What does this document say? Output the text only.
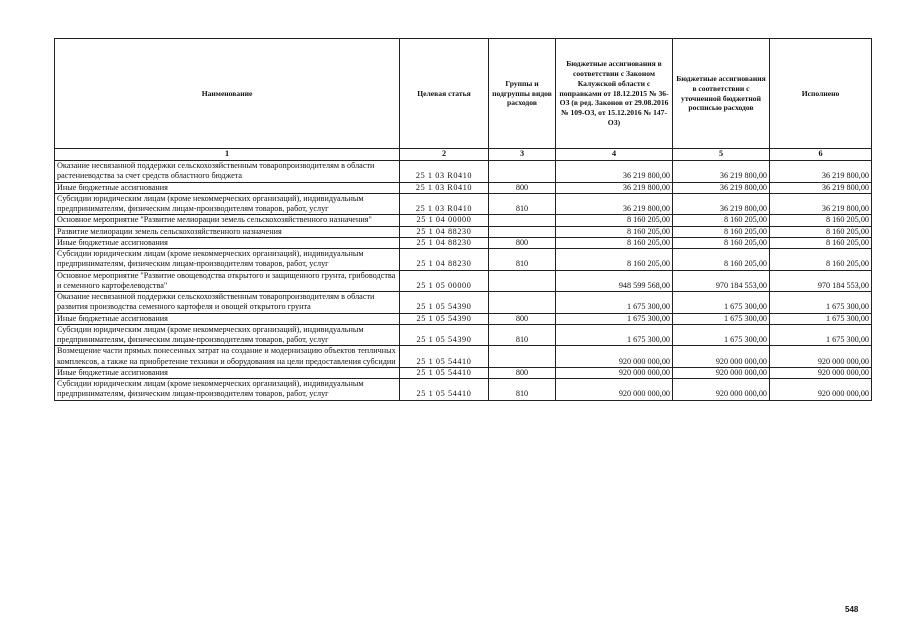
Наименование	Целевая статья	Группы и подгруппы видов расходов	Бюджетные ассигнования в соответствии с Законом Калужской области с поправками от 18.12.2015 № 36-ОЗ (в ред. Законов от 29.08.2016 № 109-ОЗ, от 15.12.2016 № 147-ОЗ)	Бюджетные ассигнования в соответствии с уточненной бюджетной росписью расходов	Исполнено
1	2	3	4	5	6
Оказание несвязанной поддержки сельскохозяйственным товаропроизводителям в области растениеводства за счет средств областного бюджета	25 1 03 R0410		36 219 800,00	36 219 800,00	36 219 800,00
Иные бюджетные ассигнования	25 1 03 R0410	800	36 219 800,00	36 219 800,00	36 219 800,00
Субсидии юридическим лицам (кроме некоммерческих организаций), индивидуальным предпринимателям, физическим лицам-производителям товаров, работ, услуг	25 1 03 R0410	810	36 219 800,00	36 219 800,00	36 219 800,00
Основное мероприятие "Развитие мелиорации земель сельскохозяйственного назначения"	25 1 04 00000		8 160 205,00	8 160 205,00	8 160 205,00
Развитие мелиорации земель сельскохозяйственного назначения	25 1 04 88230		8 160 205,00	8 160 205,00	8 160 205,00
Иные бюджетные ассигнования	25 1 04 88230	800	8 160 205,00	8 160 205,00	8 160 205,00
Субсидии юридическим лицам (кроме некоммерческих организаций), индивидуальным предпринимателям, физическим лицам-производителям товаров, работ, услуг	25 1 04 88230	810	8 160 205,00	8 160 205,00	8 160 205,00
Основное мероприятие "Развитие овощеводства открытого и защищенного грунта, грибоводства и семенного картофелеводства"	25 1 05 00000		948 599 568,00	970 184 553,00	970 184 553,00
Оказание несвязанной поддержки сельскохозяйственным товаропроизводителям в области развития производства семенного картофеля и овощей открытого грунта	25 1 05 54390		1 675 300,00	1 675 300,00	1 675 300,00
Иные бюджетные ассигнования	25 1 05 54390	800	1 675 300,00	1 675 300,00	1 675 300,00
Субсидии юридическим лицам (кроме некоммерческих организаций), индивидуальным предпринимателям, физическим лицам-производителям товаров, работ, услуг	25 1 05 54390	810	1 675 300,00	1 675 300,00	1 675 300,00
Возмещение части прямых понесенных затрат на создание и модернизацию объектов тепличных комплексов, а также на приобретение техники и оборудования на цели предоставления субсидии	25 1 05 54410		920 000 000,00	920 000 000,00	920 000 000,00
Иные бюджетные ассигнования	25 1 05 54410	800	920 000 000,00	920 000 000,00	920 000 000,00
Субсидии юридическим лицам (кроме некоммерческих организаций), индивидуальным предпринимателям, физическим лицам-производителям товаров, работ, услуг	25 1 05 54410	810	920 000 000,00	920 000 000,00	920 000 000,00
548
